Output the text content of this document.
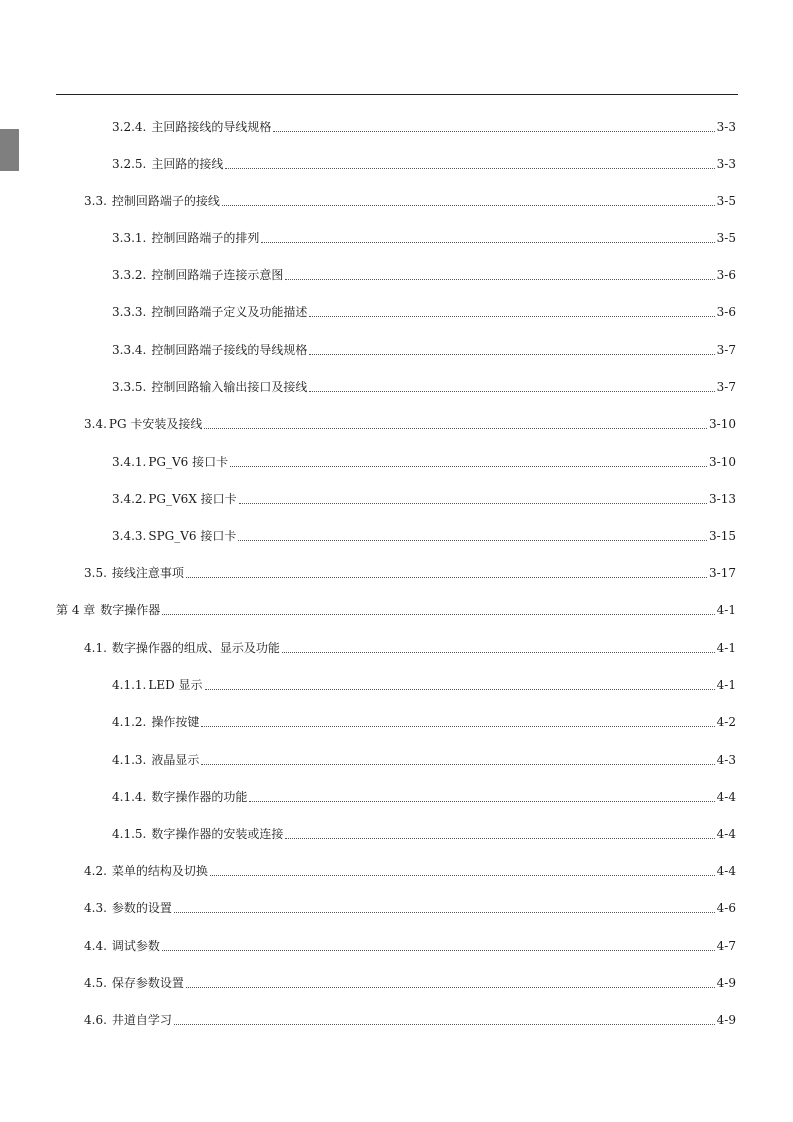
3.2.4. 主回路接线的导线规格	3-3
3.2.5. 主回路的接线	3-3
3.3. 控制回路端子的接线	3-5
3.3.1. 控制回路端子的排列	3-5
3.3.2. 控制回路端子连接示意图	3-6
3.3.3. 控制回路端子定义及功能描述	3-6
3.3.4. 控制回路端子接线的导线规格	3-7
3.3.5. 控制回路输入输出接口及接线	3-7
3.4. PG 卡安装及接线	3-10
3.4.1. PG_V6 接口卡	3-10
3.4.2. PG_V6X 接口卡	3-13
3.4.3. SPG_V6 接口卡	3-15
3.5. 接线注意事项	3-17
第 4 章 数字操作器	4-1
4.1. 数字操作器的组成、显示及功能	4-1
4.1.1. LED 显示	4-1
4.1.2. 操作按键	4-2
4.1.3. 液晶显示	4-3
4.1.4. 数字操作器的功能	4-4
4.1.5. 数字操作器的安装或连接	4-4
4.2. 菜单的结构及切换	4-4
4.3. 参数的设置	4-6
4.4. 调试参数	4-7
4.5. 保存参数设置	4-9
4.6. 井道自学习	4-9
